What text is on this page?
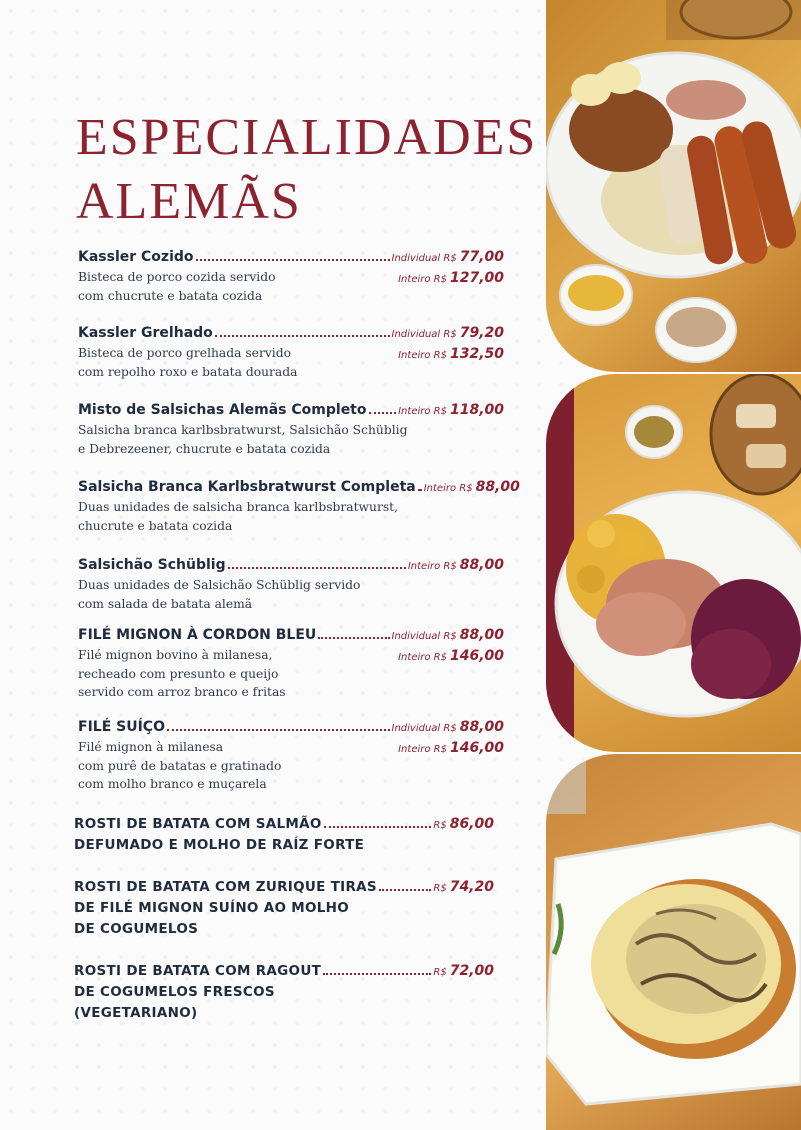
ESPECIALIDADES
ALEMÃS
Kassler Cozido	Individual R$ 77,00
Bisteca de porco cozida servido
com chucrute e batata cozida
Inteiro R$ 127,00
Kassler Grelhado	Individual R$ 79,20
Bisteca de porco grelhada servido
com repolho roxo e batata dourada
Inteiro R$ 132,50
Misto de Salsichas Alemãs Completo	Inteiro R$ 118,00
Salsicha branca karlbsbratwurst, Salsichão Schüblig
e Debrezeener, chucrute e batata cozida
Salsicha Branca Karlbsbratwurst Completa Inteiro R$ 88,00
Duas unidades de salsicha branca karlbsbratwurst,
chucrute e batata cozida
Salsichão Schüblig	Inteiro R$ 88,00
Duas unidades de Salsichão Schüblig servido
com salada de batata alemã
FILÉ MIGNON À CORDON BLEU	Individual R$ 88,00
Filé mignon bovino à milanesa,
recheado com presunto e queijo
servido com arroz branco e fritas
Inteiro R$ 146,00
FILÉ SUÍÇO	Individual R$ 88,00
Filé mignon à milanesa
com purê de batatas e gratinado
com molho branco e muçarela
Inteiro R$ 146,00
ROSTI DE BATATA COM SALMÃO	R$ 86,00
DEFUMADO E MOLHO DE RAÍZ FORTE
ROSTI DE BATATA COM ZURIQUE TIRAS	R$ 74,20
DE FILÉ MIGNON SUÍNO AO MOLHO
DE COGUMELOS
ROSTI DE BATATA COM RAGOUT	R$ 72,00
DE COGUMELOS FRESCOS
(VEGETARIANO)
